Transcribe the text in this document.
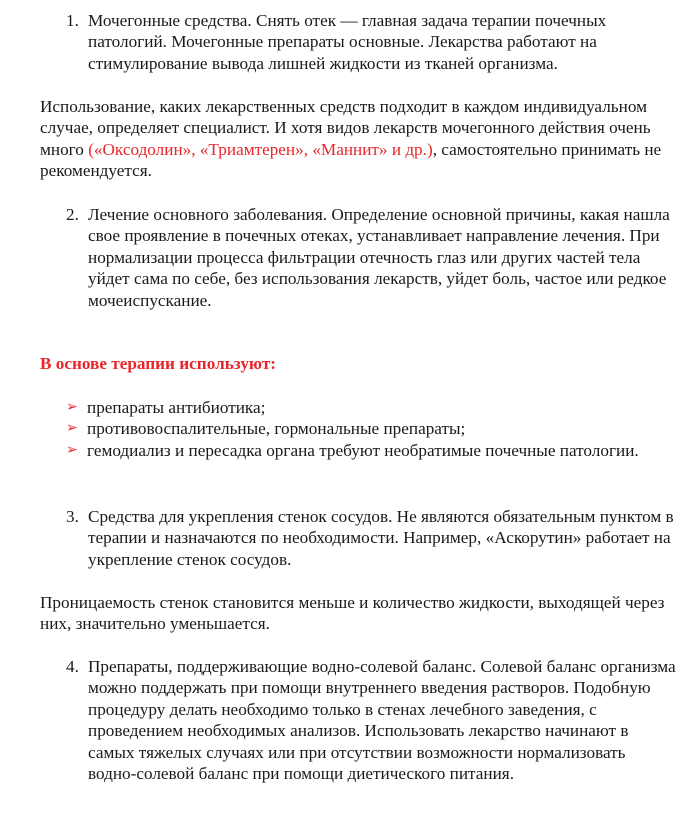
1. Мочегонные средства. Снять отек — главная задача терапии почечных патологий. Мочегонные препараты основные. Лекарства работают на стимулирование вывода лишней жидкости из тканей организма.

Использование, каких лекарственных средств подходит в каждом индивидуальном случае, определяет специалист. И хотя видов лекарств мочегонного действия очень много («Оксодолин», «Триамтерен», «Маннит» и др.), самостоятельно принимать не рекомендуется.

2. Лечение основного заболевания. Определение основной причины, какая нашла свое проявление в почечных отеках, устанавливает направление лечения. При нормализации процесса фильтрации отечность глаз или других частей тела уйдет сама по себе, без использования лекарств, уйдет боль, частое или редкое мочеиспускание.

В основе терапии используют:
➢ препараты антибиотика;
➢ противовоспалительные, гормональные препараты;
➢ гемодиализ и пересадка органа требуют необратимые почечные патологии.
3. Средства для укрепления стенок сосудов. Не являются обязательным пунктом в терапии и назначаются по необходимости. Например, «Аскорутин» работает на укрепление стенок сосудов.

Проницаемость стенок становится меньше и количество жидкости, выходящей через них, значительно уменьшается.

4. Препараты, поддерживающие водно-солевой баланс. Солевой баланс организма можно поддержать при помощи внутреннего введения растворов. Подобную процедуру делать необходимо только в стенах лечебного заведения, с проведением необходимых анализов. Использовать лекарство начинают в самых тяжелых случаях или при отсутствии возможности нормализовать водно-солевой баланс при помощи диетического питания.
